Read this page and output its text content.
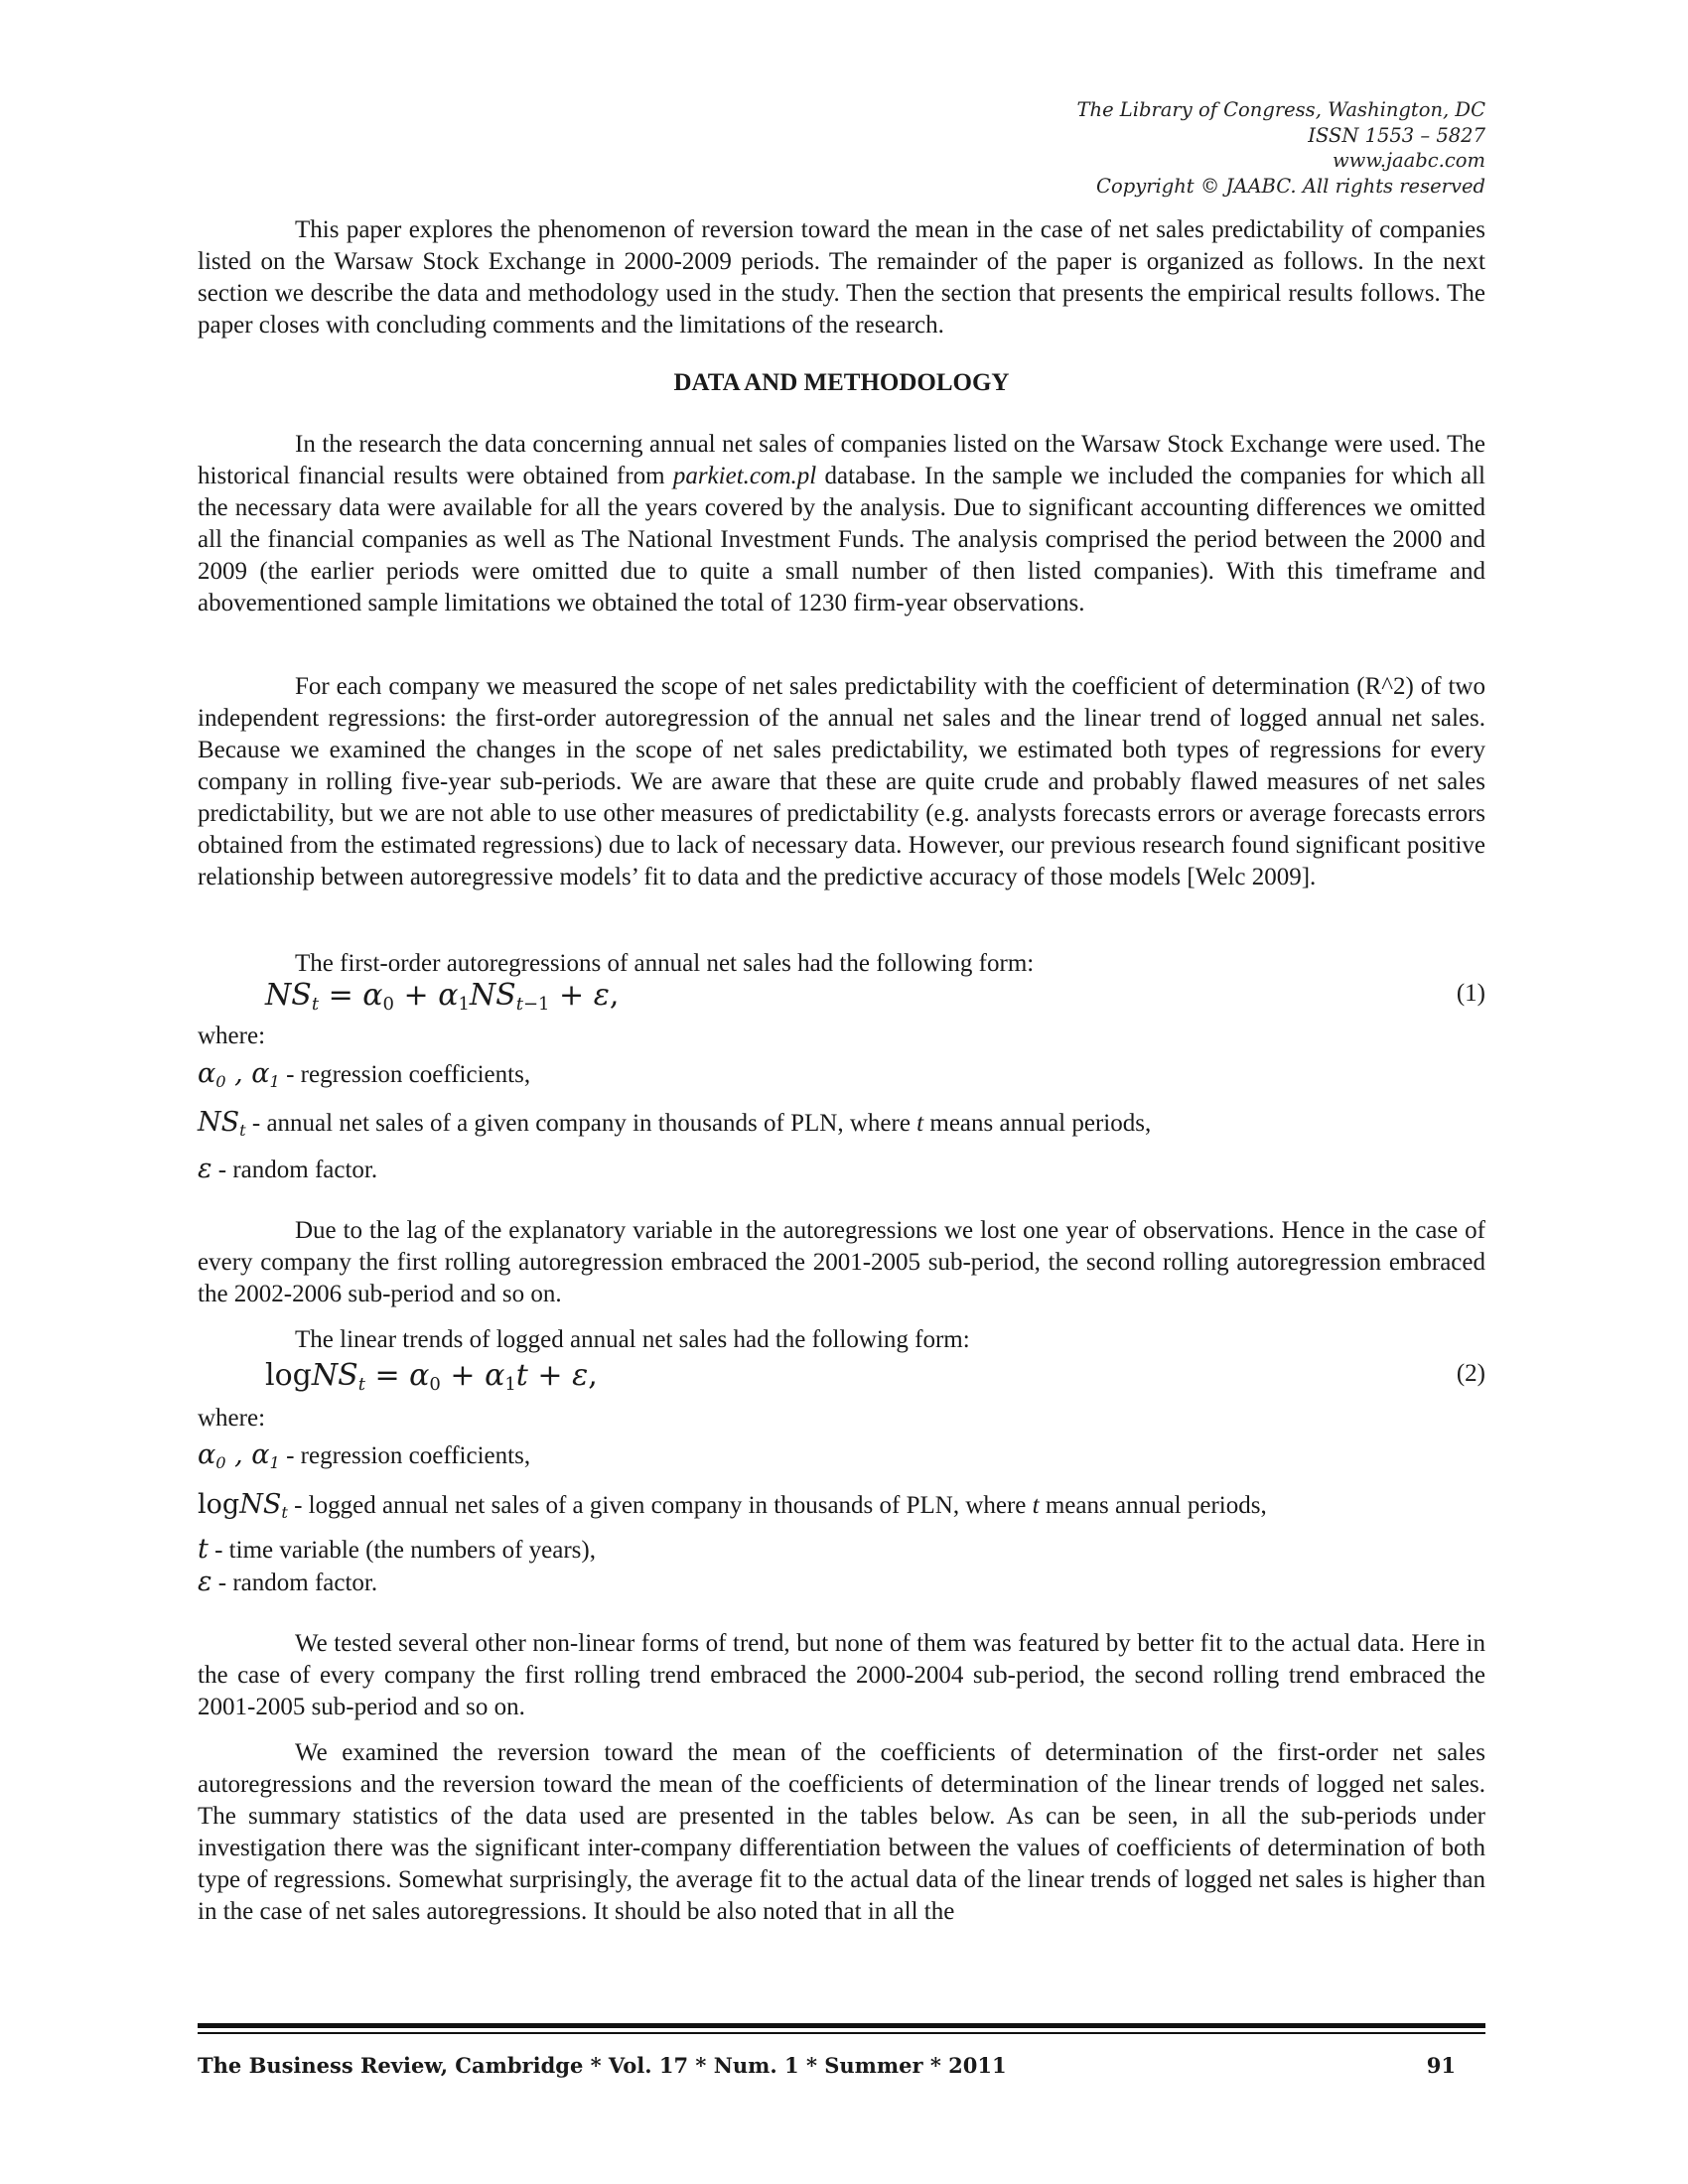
The Library of Congress, Washington, DC
ISSN 1553 – 5827
www.jaabc.com
Copyright © JAABC. All rights reserved

This paper explores the phenomenon of reversion toward the mean in the case of net sales predictability of companies listed on the Warsaw Stock Exchange in 2000-2009 periods. The remainder of the paper is organized as follows. In the next section we describe the data and methodology used in the study. Then the section that presents the empirical results follows. The paper closes with concluding comments and the limitations of the research.

DATA AND METHODOLOGY

In the research the data concerning annual net sales of companies listed on the Warsaw Stock Exchange were used. The historical financial results were obtained from parkiet.com.pl database. In the sample we included the companies for which all the necessary data were available for all the years covered by the analysis. Due to significant accounting differences we omitted all the financial companies as well as The National Investment Funds. The analysis comprised the period between the 2000 and 2009 (the earlier periods were omitted due to quite a small number of then listed companies). With this timeframe and abovementioned sample limitations we obtained the total of 1230 firm-year observations.

For each company we measured the scope of net sales predictability with the coefficient of determination (R^2) of two independent regressions: the first-order autoregression of the annual net sales and the linear trend of logged annual net sales. Because we examined the changes in the scope of net sales predictability, we estimated both types of regressions for every company in rolling five-year sub-periods. We are aware that these are quite crude and probably flawed measures of net sales predictability, but we are not able to use other measures of predictability (e.g. analysts forecasts errors or average forecasts errors obtained from the estimated regressions) due to lack of necessary data. However, our previous research found significant positive relationship between autoregressive models’ fit to data and the predictive accuracy of those models [Welc 2009].

The first-order autoregressions of annual net sales had the following form:

$NS_t = \alpha_0 + \alpha_1NS_{t-1} + \varepsilon$,	(1)
where:
$\alpha_0$ , $\alpha_1$ - regression coefficients,
$NS_t$ - annual net sales of a given company in thousands of PLN, where t means annual periods,
ε - random factor.

Due to the lag of the explanatory variable in the autoregressions we lost one year of observations. Hence in the case of every company the first rolling autoregression embraced the 2001-2005 sub-period, the second rolling autoregression embraced the 2002-2006 sub-period and so on.

The linear trends of logged annual net sales had the following form:

logNS$_t$ = $\alpha_0 + \alpha_1t + \varepsilon$,	(2)
where:
$\alpha_0$ , $\alpha_1$ - regression coefficients,
logNS$_t$ - logged annual net sales of a given company in thousands of PLN, where t means annual periods,
t - time variable (the numbers of years),
ε - random factor.

We tested several other non-linear forms of trend, but none of them was featured by better fit to the actual data. Here in the case of every company the first rolling trend embraced the 2000-2004 sub-period, the second rolling trend embraced the 2001-2005 sub-period and so on.

We examined the reversion toward the mean of the coefficients of determination of the first-order net sales autoregressions and the reversion toward the mean of the coefficients of determination of the linear trends of logged net sales. The summary statistics of the data used are presented in the tables below. As can be seen, in all the sub-periods under investigation there was the significant inter-company differentiation between the values of coefficients of determination of both type of regressions. Somewhat surprisingly, the average fit to the actual data of the linear trends of logged net sales is higher than in the case of net sales autoregressions. It should be also noted that in all the

The Business Review, Cambridge * Vol. 17 * Num. 1 * Summer * 2011	91
